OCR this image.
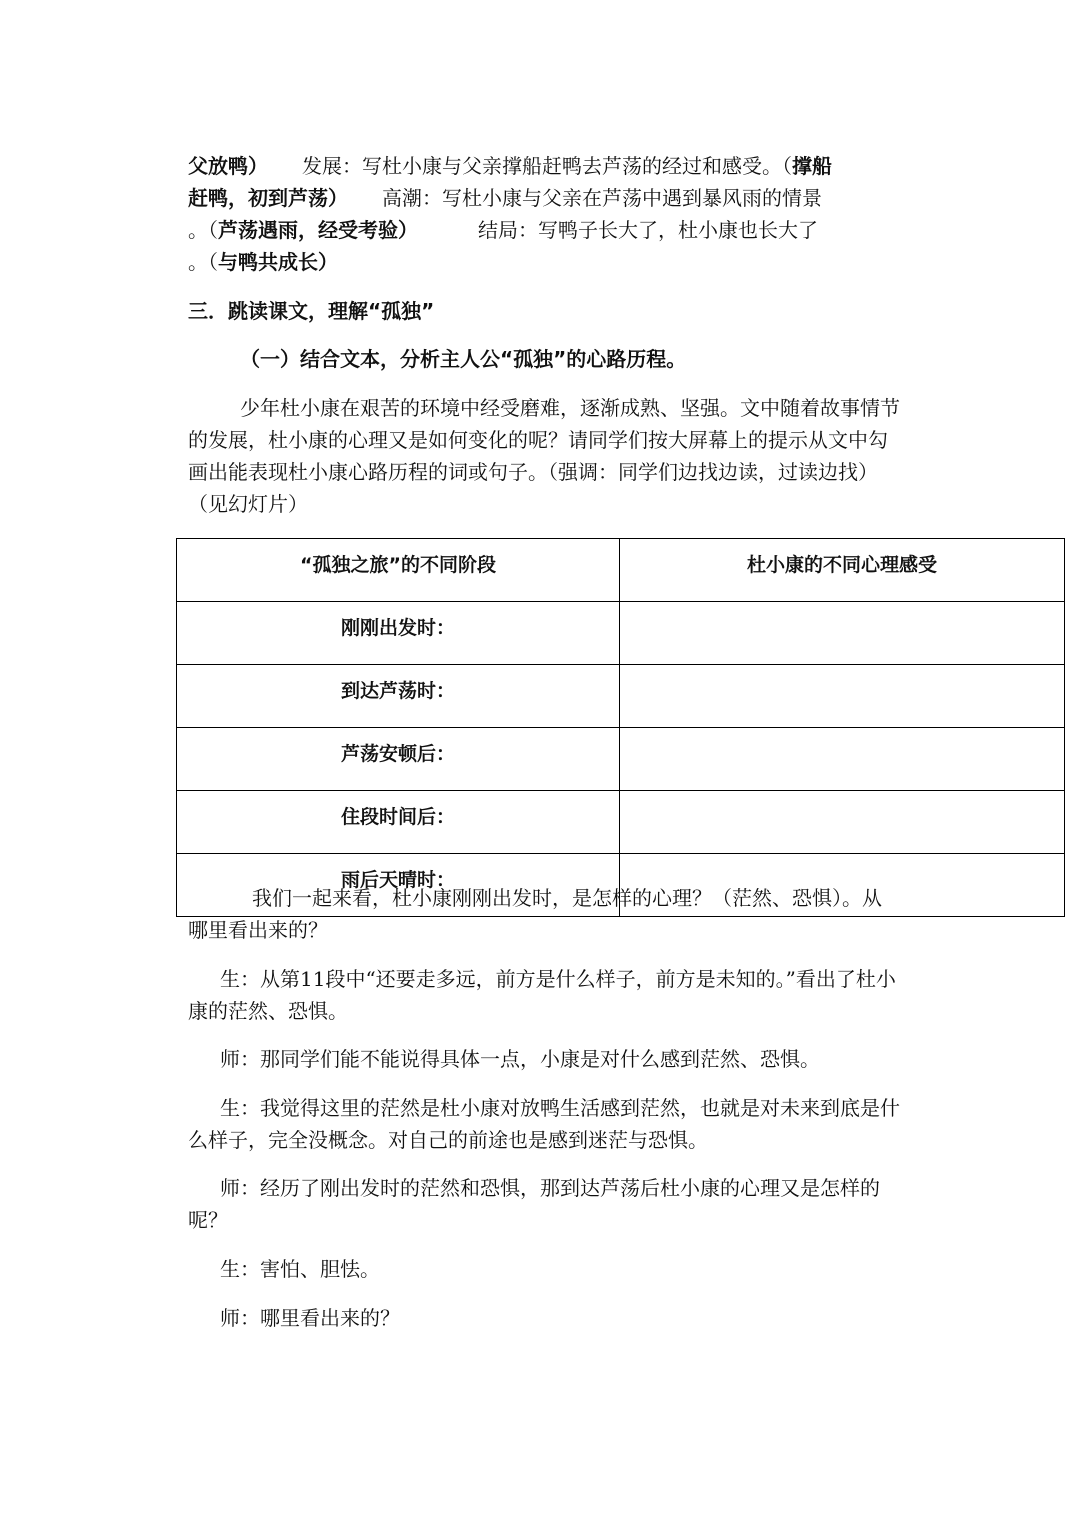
父放鸭） 发展：写杜小康与父亲撑船赶鸭去芦荡的经过和感受。（撑船
赶鸭，初到芦荡） 高潮：写杜小康与父亲在芦荡中遇到暴风雨的情景
。（芦荡遇雨，经受考验）	结局：写鸭子长大了，杜小康也长大了
。（与鸭共成长）

三．跳读课文，理解“孤独”

（一）结合文本，分析主人公“孤独”的心路历程。

少年杜小康在艰苦的环境中经受磨难，逐渐成熟、坚强。文中随着故事情节的发展，杜小康的心理又是如何变化的呢？请同学们按大屏幕上的提示从文中勾画出能表现杜小康心路历程的词或句子。（强调：同学们边找边读，过读边找）（见幻灯片）

“孤独之旅”的不同阶段	杜小康的不同心理感受
刚刚出发时：	
到达芦荡时：	
芦荡安顿后：	
住段时间后：	
雨后天晴时：	

我们一起来看，杜小康刚刚出发时，是怎样的心理？（茫然、恐惧）。从哪里看出来的？

生：从第11段中“还要走多远，前方是什么样子，前方是未知的。”看出了杜小康的茫然、恐惧。

师：那同学们能不能说得具体一点，小康是对什么感到茫然、恐惧。

生：我觉得这里的茫然是杜小康对放鸭生活感到茫然，也就是对未来到底是什么样子，完全没概念。对自己的前途也是感到迷茫与恐惧。

师：经历了刚出发时的茫然和恐惧，那到达芦荡后杜小康的心理又是怎样的呢？

生：害怕、胆怯。

师：哪里看出来的？
